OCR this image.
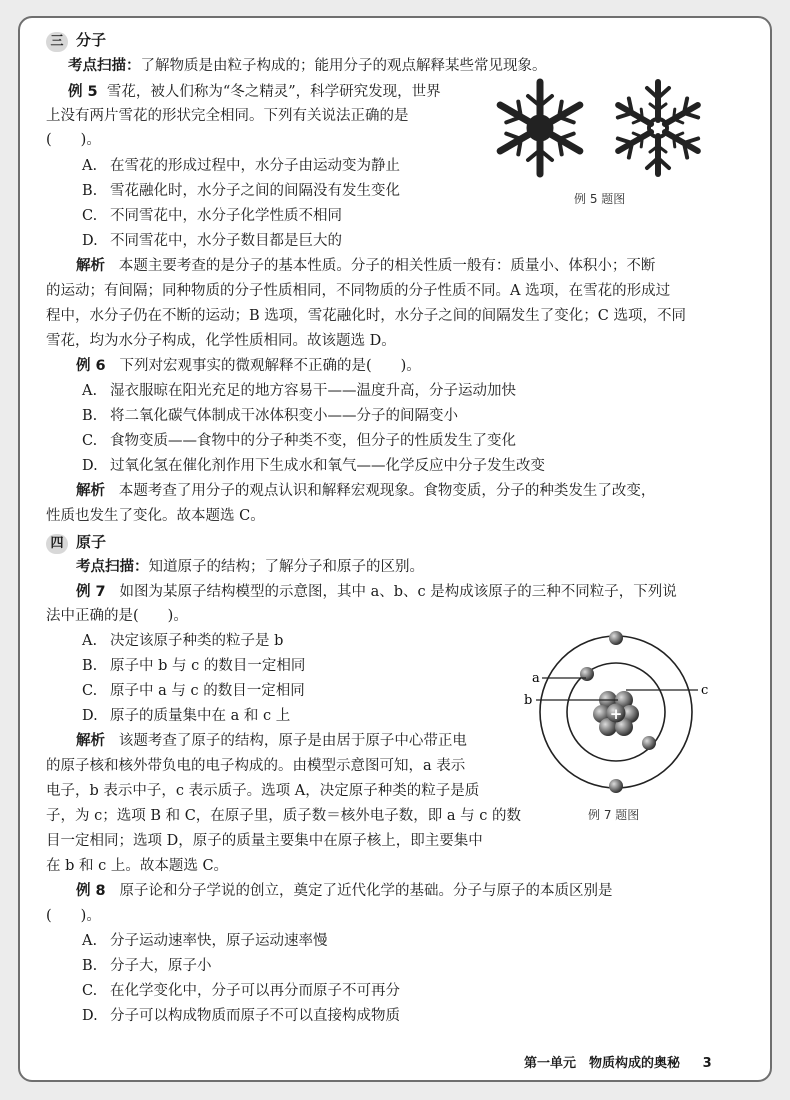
三 分子
考点扫描：了解物质是由粒子构成的；能用分子的观点解释某些常见现象。
例 5 雪花，被人们称为“冬之精灵”，科学研究发现，世界
上没有两片雪花的形状完全相同。下列有关说法正确的是
(　　)。
A. 在雪花的形成过程中，水分子由运动变为静止
B. 雪花融化时，水分子之间的间隔没有发生变化
C. 不同雪花中，水分子化学性质不相同
D. 不同雪花中，水分子数目都是巨大的
例 5 题图
解析 本题主要考查的是分子的基本性质。分子的相关性质一般有：质量小、体积小；不断
的运动；有间隔；同种物质的分子性质相同，不同物质的分子性质不同。A 选项，在雪花的形成过
程中，水分子仍在不断的运动；B 选项，雪花融化时，水分子之间的间隔发生了变化；C 选项，不同
雪花，均为水分子构成，化学性质相同。故该题选 D。
例 6 下列对宏观事实的微观解释不正确的是(　　)。
A. 湿衣服晾在阳光充足的地方容易干——温度升高，分子运动加快
B. 将二氧化碳气体制成干冰体积变小——分子的间隔变小
C. 食物变质——食物中的分子种类不变，但分子的性质发生了变化
D. 过氧化氢在催化剂作用下生成水和氧气——化学反应中分子发生改变
解析 本题考查了用分子的观点认识和解释宏观现象。食物变质，分子的种类发生了改变，
性质也发生了变化。故本题选 C。
四 原子
考点扫描：知道原子的结构；了解分子和原子的区别。
例 7 如图为某原子结构模型的示意图，其中 a、b、c 是构成该原子的三种不同粒子，下列说
法中正确的是(　　)。
A. 决定该原子种类的粒子是 b
B. 原子中 b 与 c 的数目一定相同
C. 原子中 a 与 c 的数目一定相同
D. 原子的质量集中在 a 和 c 上	+
a
b
c
例 7 题图
解析 该题考查了原子的结构，原子是由居于原子中心带正电
的原子核和核外带负电的电子构成的。由模型示意图可知，a 表示
电子，b 表示中子，c 表示质子。选项 A，决定原子种类的粒子是质
子，为 c；选项 B 和 C，在原子里，质子数＝核外电子数，即 a 与 c 的数
目一定相同；选项 D，原子的质量主要集中在原子核上，即主要集中
在 b 和 c 上。故本题选 C。
例 8 原子论和分子学说的创立，奠定了近代化学的基础。分子与原子的本质区别是
(　　)。
A. 分子运动速率快，原子运动速率慢
B. 分子大，原子小
C. 在化学变化中，分子可以再分而原子不可再分
D. 分子可以构成物质而原子不可以直接构成物质
第一单元　物质构成的奥秘 3
